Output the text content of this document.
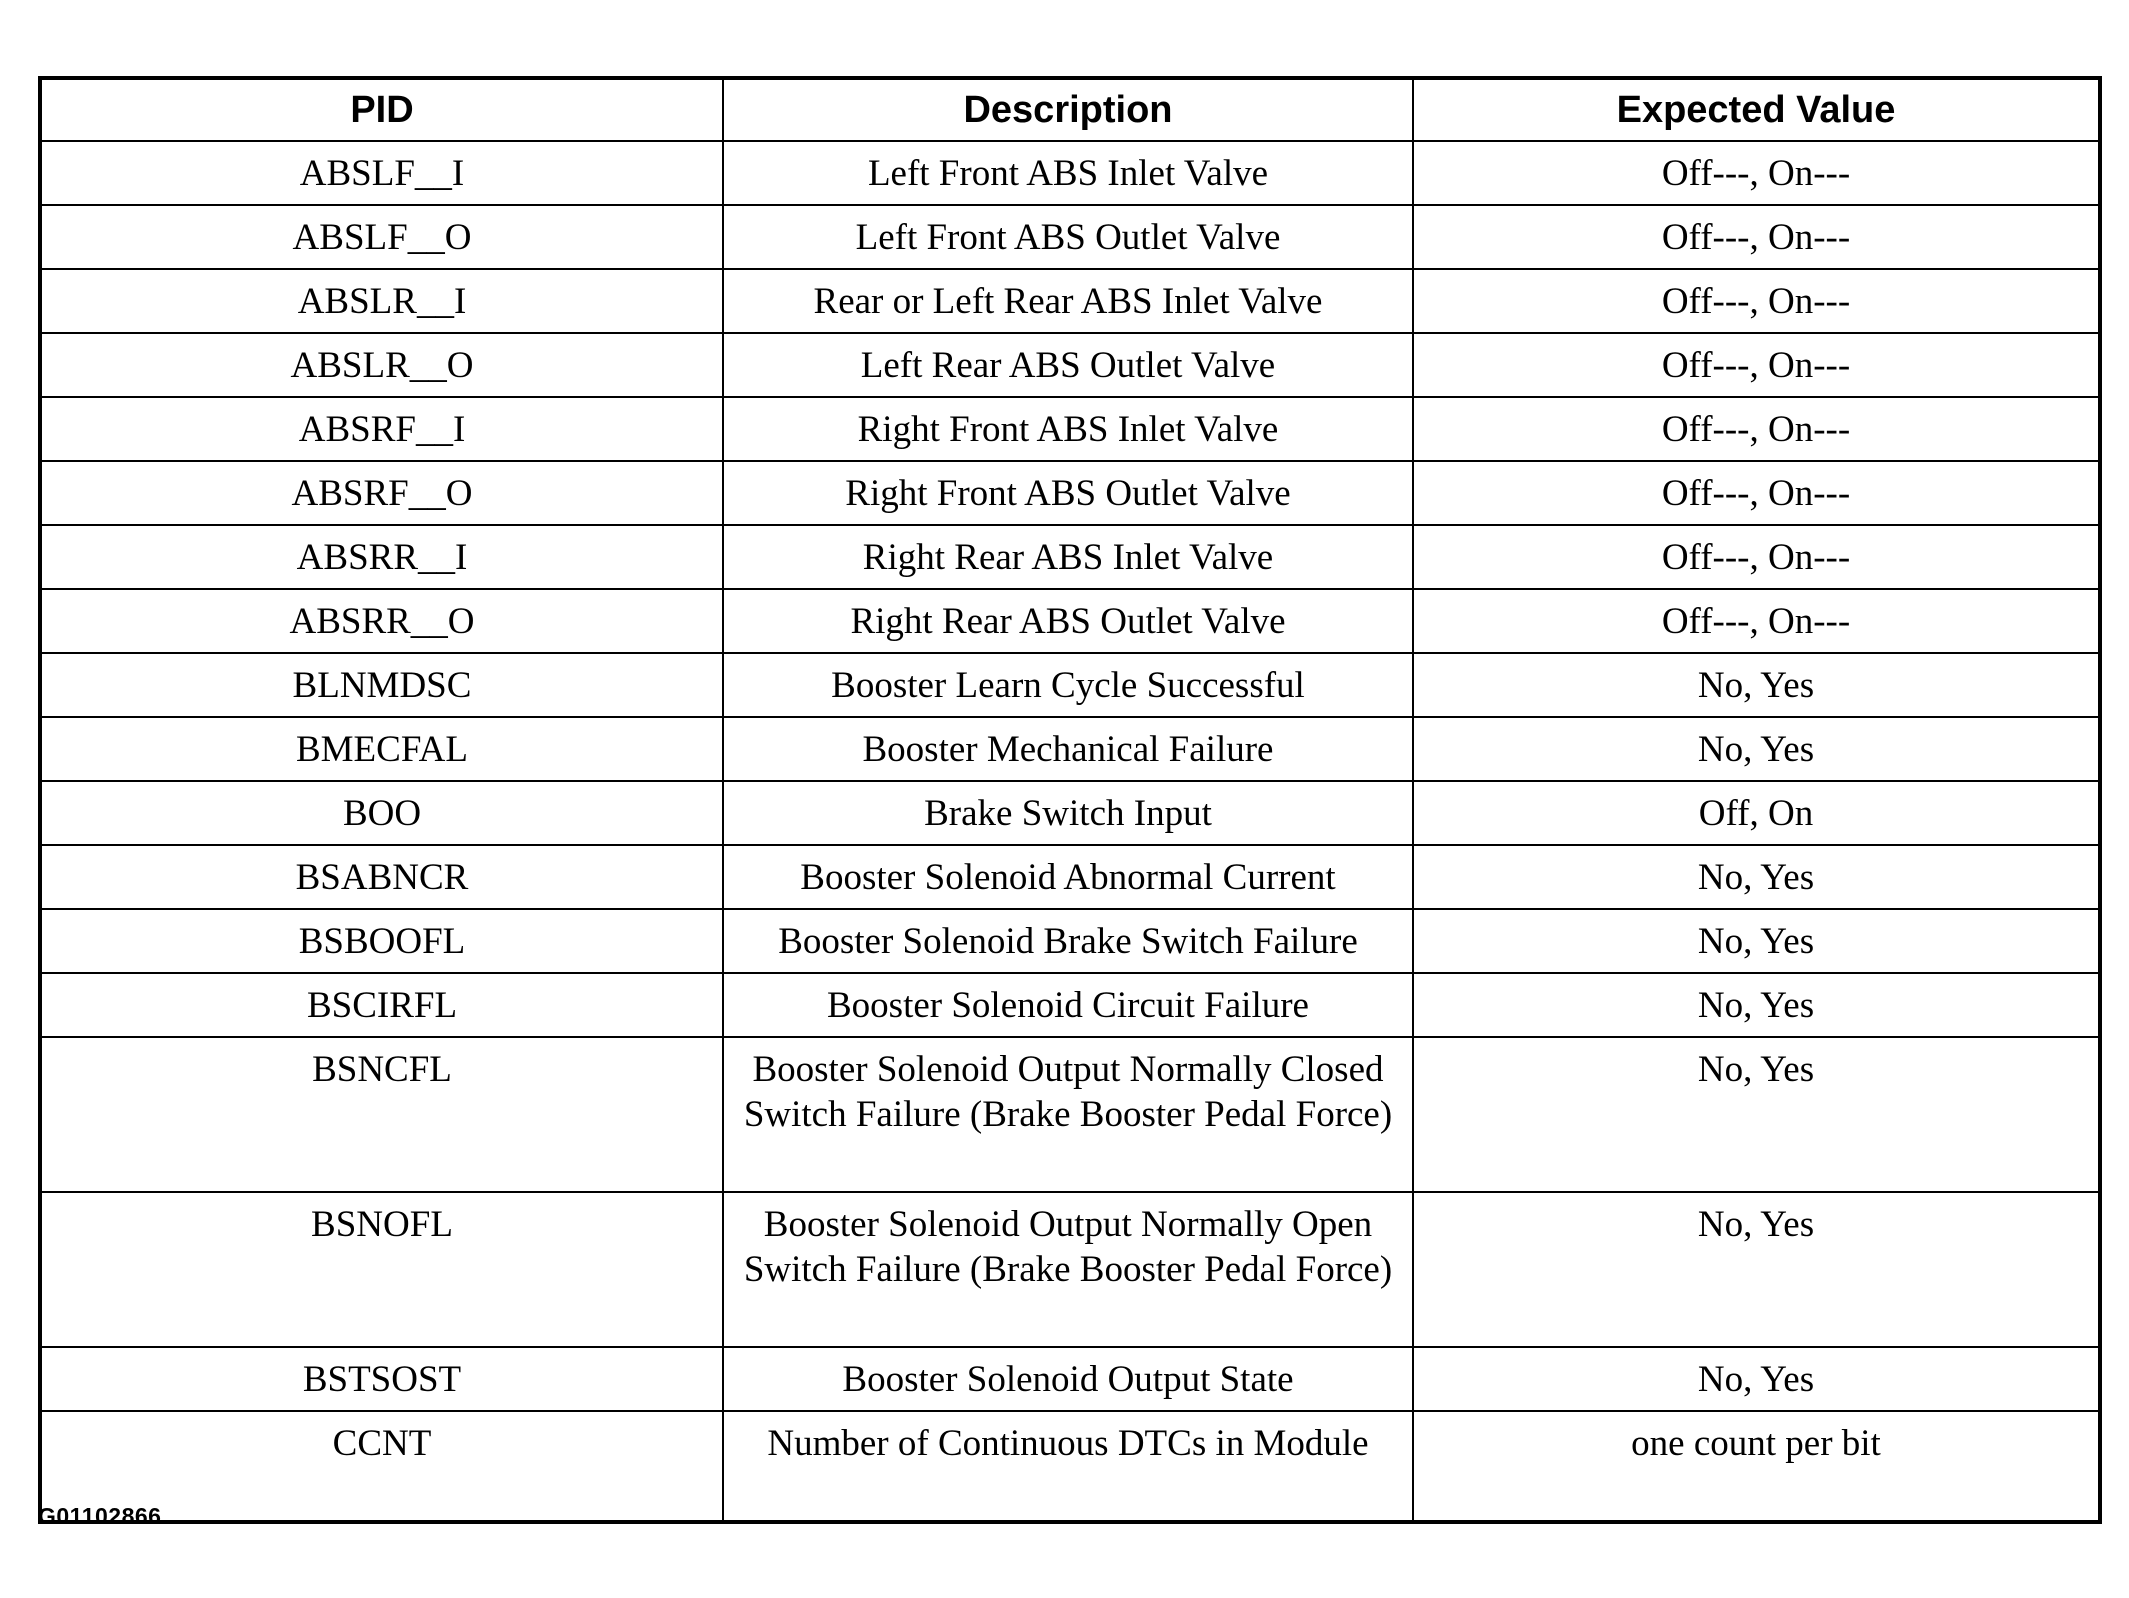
PID	Description	Expected Value
ABSLF__I	Left Front ABS Inlet Valve	Off---, On---
ABSLF__O	Left Front ABS Outlet Valve	Off---, On---
ABSLR__I	Rear or Left Rear ABS Inlet Valve	Off---, On---
ABSLR__O	Left Rear ABS Outlet Valve	Off---, On---
ABSRF__I	Right Front ABS Inlet Valve	Off---, On---
ABSRF__O	Right Front ABS Outlet Valve	Off---, On---
ABSRR__I	Right Rear ABS Inlet Valve	Off---, On---
ABSRR__O	Right Rear ABS Outlet Valve	Off---, On---
BLNMDSC	Booster Learn Cycle Successful	No, Yes
BMECFAL	Booster Mechanical Failure	No, Yes
BOO	Brake Switch Input	Off, On
BSABNCR	Booster Solenoid Abnormal Current	No, Yes
BSBOOFL	Booster Solenoid Brake Switch Failure	No, Yes
BSCIRFL	Booster Solenoid Circuit Failure	No, Yes
BSNCFL	Booster Solenoid Output Normally Closed Switch Failure (Brake Booster Pedal Force)	No, Yes
BSNOFL	Booster Solenoid Output Normally Open Switch Failure (Brake Booster Pedal Force)	No, Yes
BSTSOST	Booster Solenoid Output State	No, Yes
CCNT	Number of Continuous DTCs in Module	one count per bit
G01102866
